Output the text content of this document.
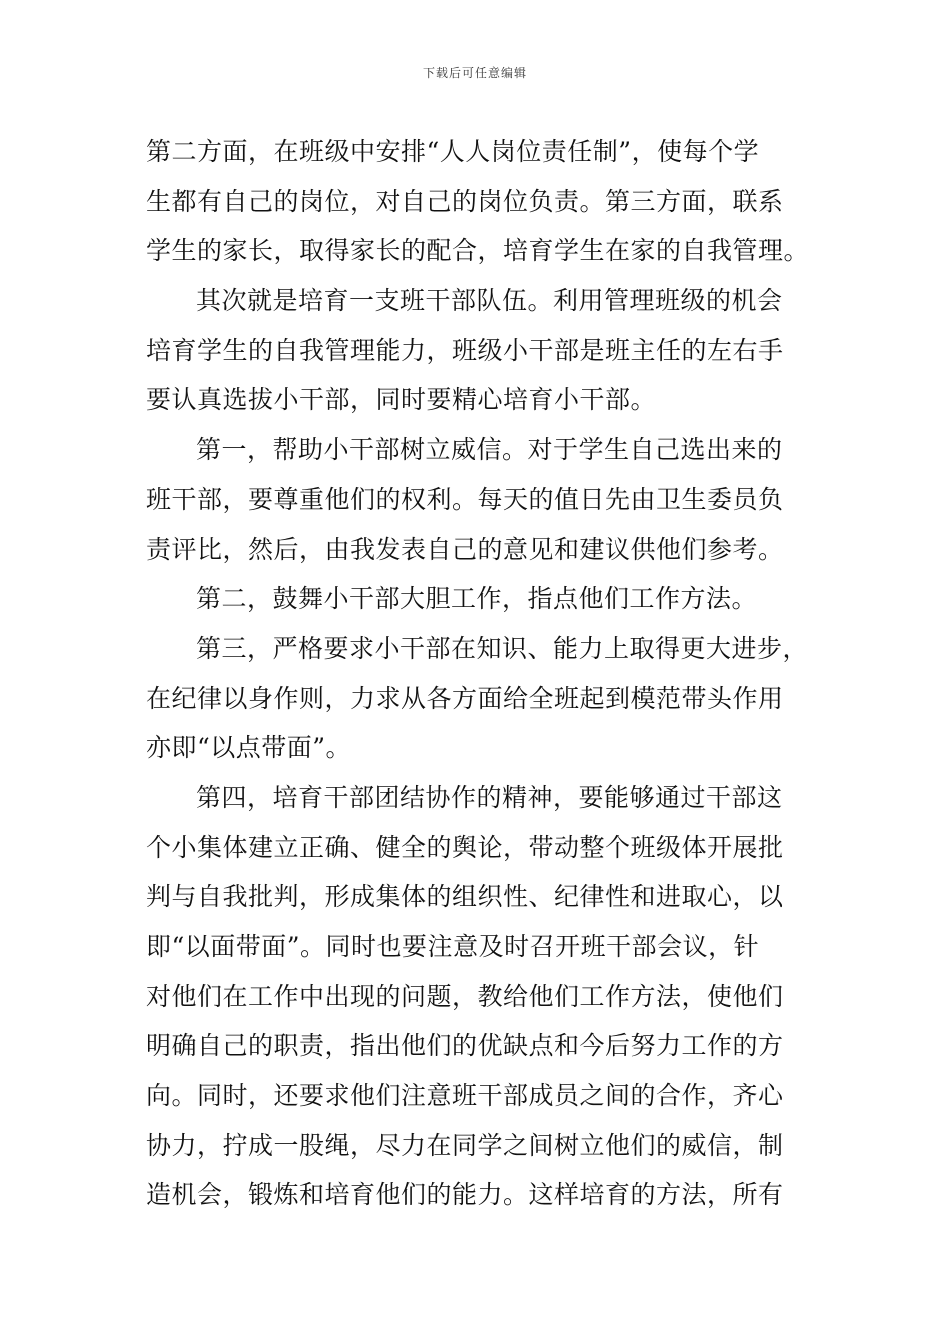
下载后可任意编辑
第二方面，在班级中安排“人人岗位责任制”，使每个学
生都有自己的岗位，对自己的岗位负责。第三方面，联系
学生的家长，取得家长的配合，培育学生在家的自我管理。
其次就是培育一支班干部队伍。利用管理班级的机会
培育学生的自我管理能力，班级小干部是班主任的左右手
要认真选拔小干部，同时要精心培育小干部。
第一，帮助小干部树立威信。对于学生自己选出来的
班干部，要尊重他们的权利。每天的值日先由卫生委员负
责评比，然后，由我发表自己的意见和建议供他们参考。
第二，鼓舞小干部大胆工作，指点他们工作方法。
第三，严格要求小干部在知识、能力上取得更大进步，
在纪律以身作则，力求从各方面给全班起到模范带头作用
亦即“以点带面”。
第四，培育干部团结协作的精神，要能够通过干部这
个小集体建立正确、健全的舆论，带动整个班级体开展批
判与自我批判，形成集体的组织性、纪律性和进取心，以
即“以面带面”。同时也要注意及时召开班干部会议，针
对他们在工作中出现的问题，教给他们工作方法，使他们
明确自己的职责，指出他们的优缺点和今后努力工作的方
向。同时，还要求他们注意班干部成员之间的合作，齐心
协力，拧成一股绳，尽力在同学之间树立他们的威信，制
造机会，锻炼和培育他们的能力。这样培育的方法，所有
